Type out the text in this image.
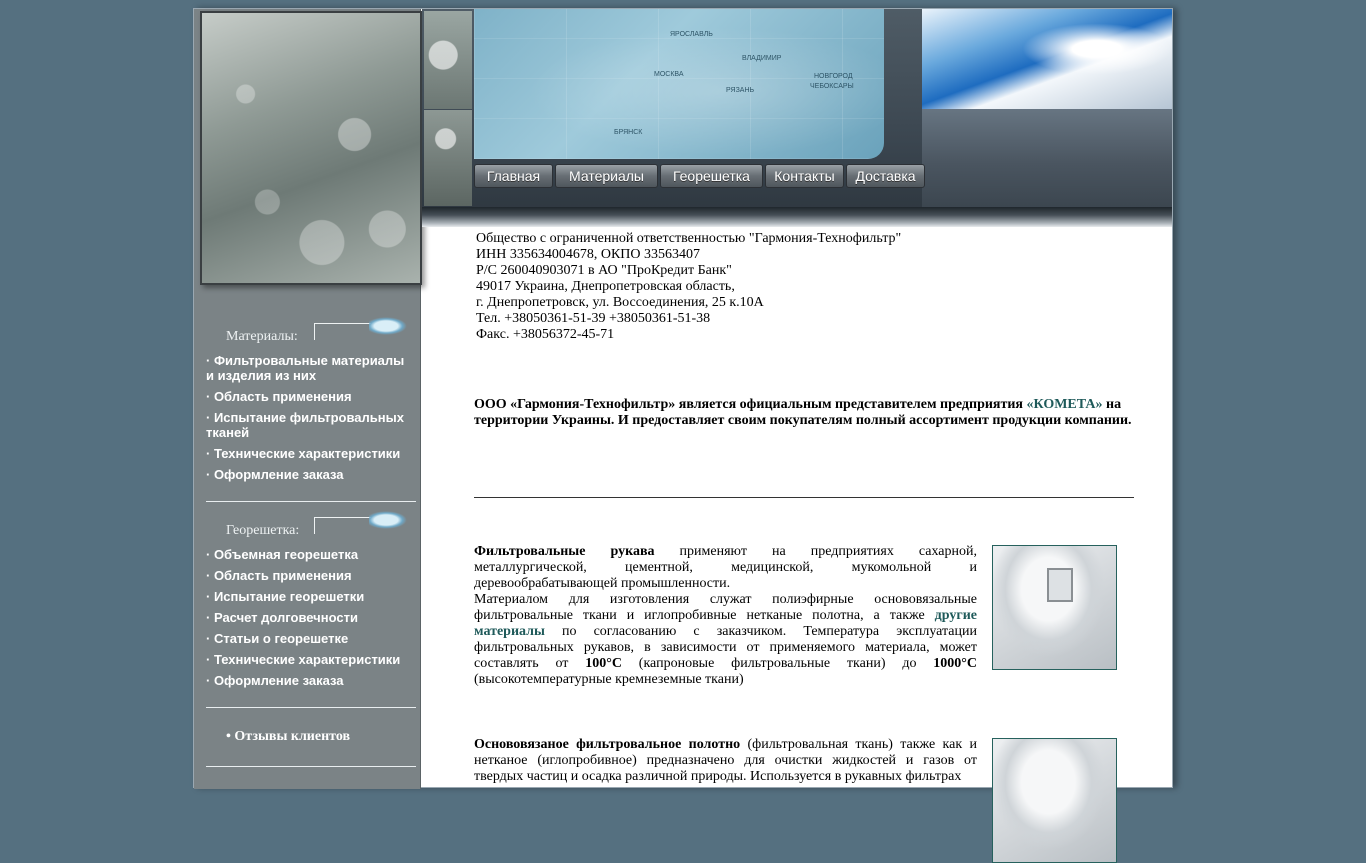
Материалы:
· Фильтровальные материалы и изделия из них
· Область применения
· Испытание фильтровальных тканей
· Технические характеристики
· Оформление заказа
Георешетка:
· Объемная георешетка
· Область применения
· Испытание георешетки
· Расчет долговечности
· Статьи о георешетке
· Технические характеристики
· Оформление заказа
• Отзывы клиентов
ЯРОСЛАВЛЬ
МОСКВА	НОВГОРОД
ЧЕБОКСАРЫ
РЯЗАНЬ
БРЯНСК
ВЛАДИМИР
Главная	Материалы	Георешетка	Контакты	Доставка
Общество с ограниченной ответственностью "Гармония-Технофильтр"
ИНН 335634004678, ОКПО 33563407
Р/С 260040903071 в АО "ПроКредит Банк"
49017 Украина, Днепропетровская область,
г. Днепропетровск, ул. Воссоединения, 25 к.10А
Тел. +38050361-51-39 +38050361-51-38
Факс. +38056372-45-71
ООО «Гармония-Технофильтр» является официальным представителем предприятия «КОМЕТА» на территории Украины. И предоставляет своим покупателям полный ассортимент продукции компании.
Фильтровальные рукава применяют на предприятиях сахарной, металлургической, цементной, медицинской, мукомольной и деревообрабатывающей промышленности.
Материалом для изготовления служат полиэфирные основовязальные фильтровальные ткани и иглопробивные нетканые полотна, а также другие материалы по согласованию с заказчиком. Температура эксплуатации фильтровальных рукавов, в зависимости от применяемого материала, может составлять от 100°С (капроновые фильтровальные ткани) до 1000°С (высокотемпературные кремнеземные ткани)
Основовязаное фильтровальное полотно (фильтровальная ткань) также как и нетканое (иглопробивное) предназначено для очистки жидкостей и газов от твердых частиц и осадка различной природы. Используется в рукавных фильтрах
